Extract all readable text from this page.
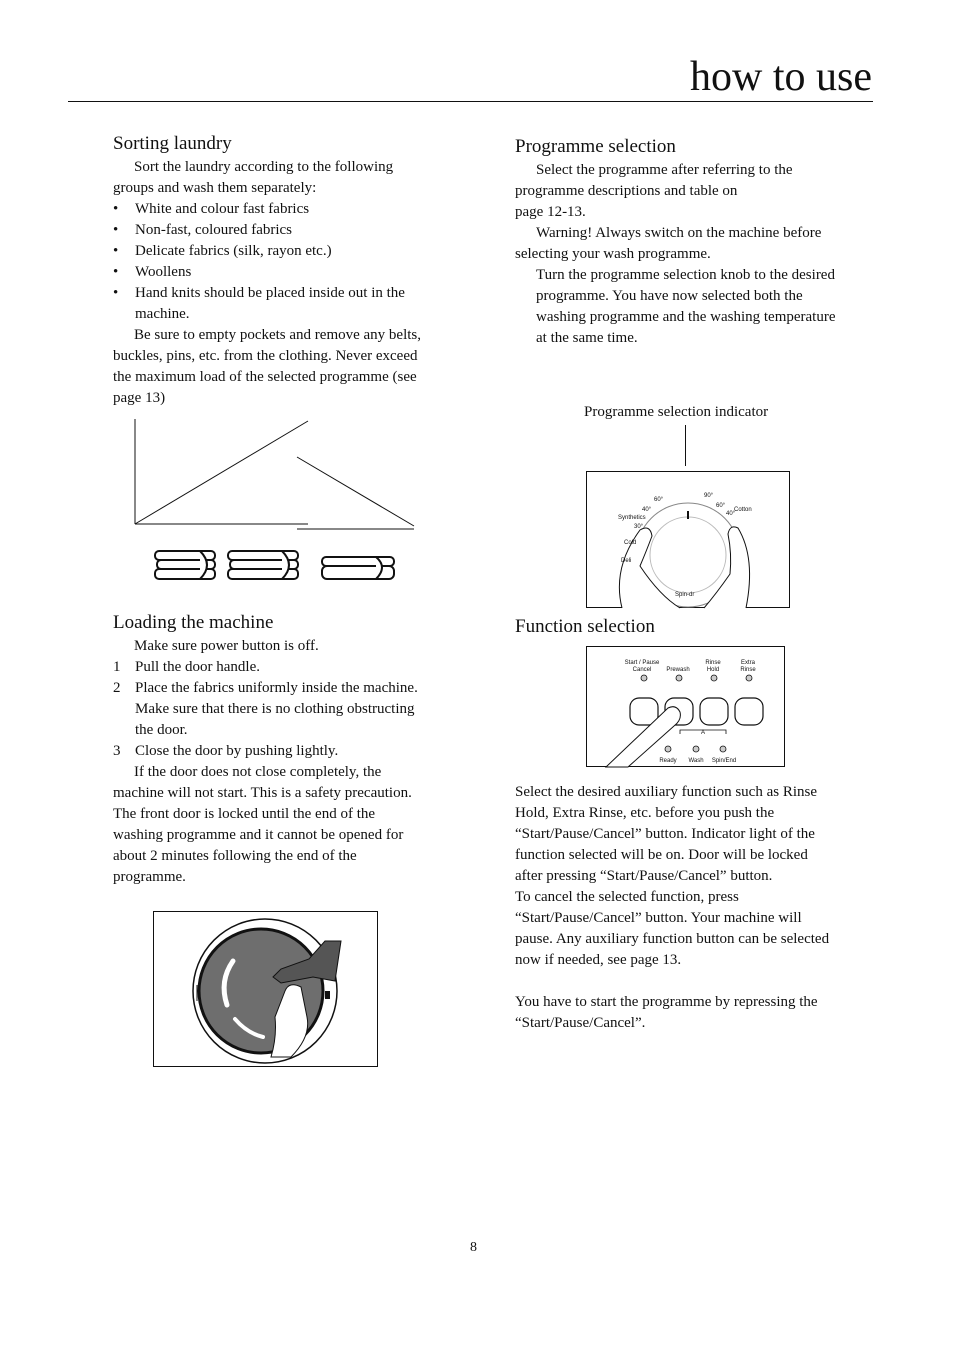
how to use
Sorting laundry

Sort the laundry according to the following groups and wash them separately:

• White and colour fast fabrics

• Non-fast, coloured fabrics

• Delicate fabrics (silk, rayon etc.)

• Woollens

• Hand knits should be placed inside out in the machine.

Be sure to empty pockets and remove any belts, buckles, pins, etc. from the clothing. Never exceed the maximum load of the selected programme (see page 13)

Loading the machine

Make sure power button is off.

1 Pull the door handle.

2 Place the fabrics uniformly inside the machine. Make sure that there is no clothing obstructing the door.

3 Close the door by pushing lightly.

If the door does not close completely, the machine will not start. This is a safety precaution. The front door is locked until the end of the washing programme and it cannot be opened for about 2 minutes following the end of the programme.

Programme selection

Select the programme after referring to the programme descriptions and table on

page 12-13.

Warning! Always switch on the machine before selecting your wash programme.

Turn the programme selection knob to the desired programme. You have now selected both the washing programme and the washing temperature at the same time.

Programme selection indicator
60°
40°
30°
90°
60°
40°
Synthetics
Cotton
Cold
Deli
Spin-dr
Function selection
Start / Pause
Cancel Prewash
Rinse
Hold
Extra
Rinse
A
Ready Wash Spin/End

Select the desired auxiliary function such as Rinse Hold, Extra Rinse, etc. before you push the “Start/Pause/Cancel” button. Indicator light of the function selected will be on. Door will be locked after pressing “Start/Pause/Cancel” button.

To cancel the selected function, press “Start/Pause/Cancel” button. Your machine will pause. Any auxiliary function button can be selected now if needed, see page 13.

You have to start the programme by repressing the “Start/Pause/Cancel”.

8
